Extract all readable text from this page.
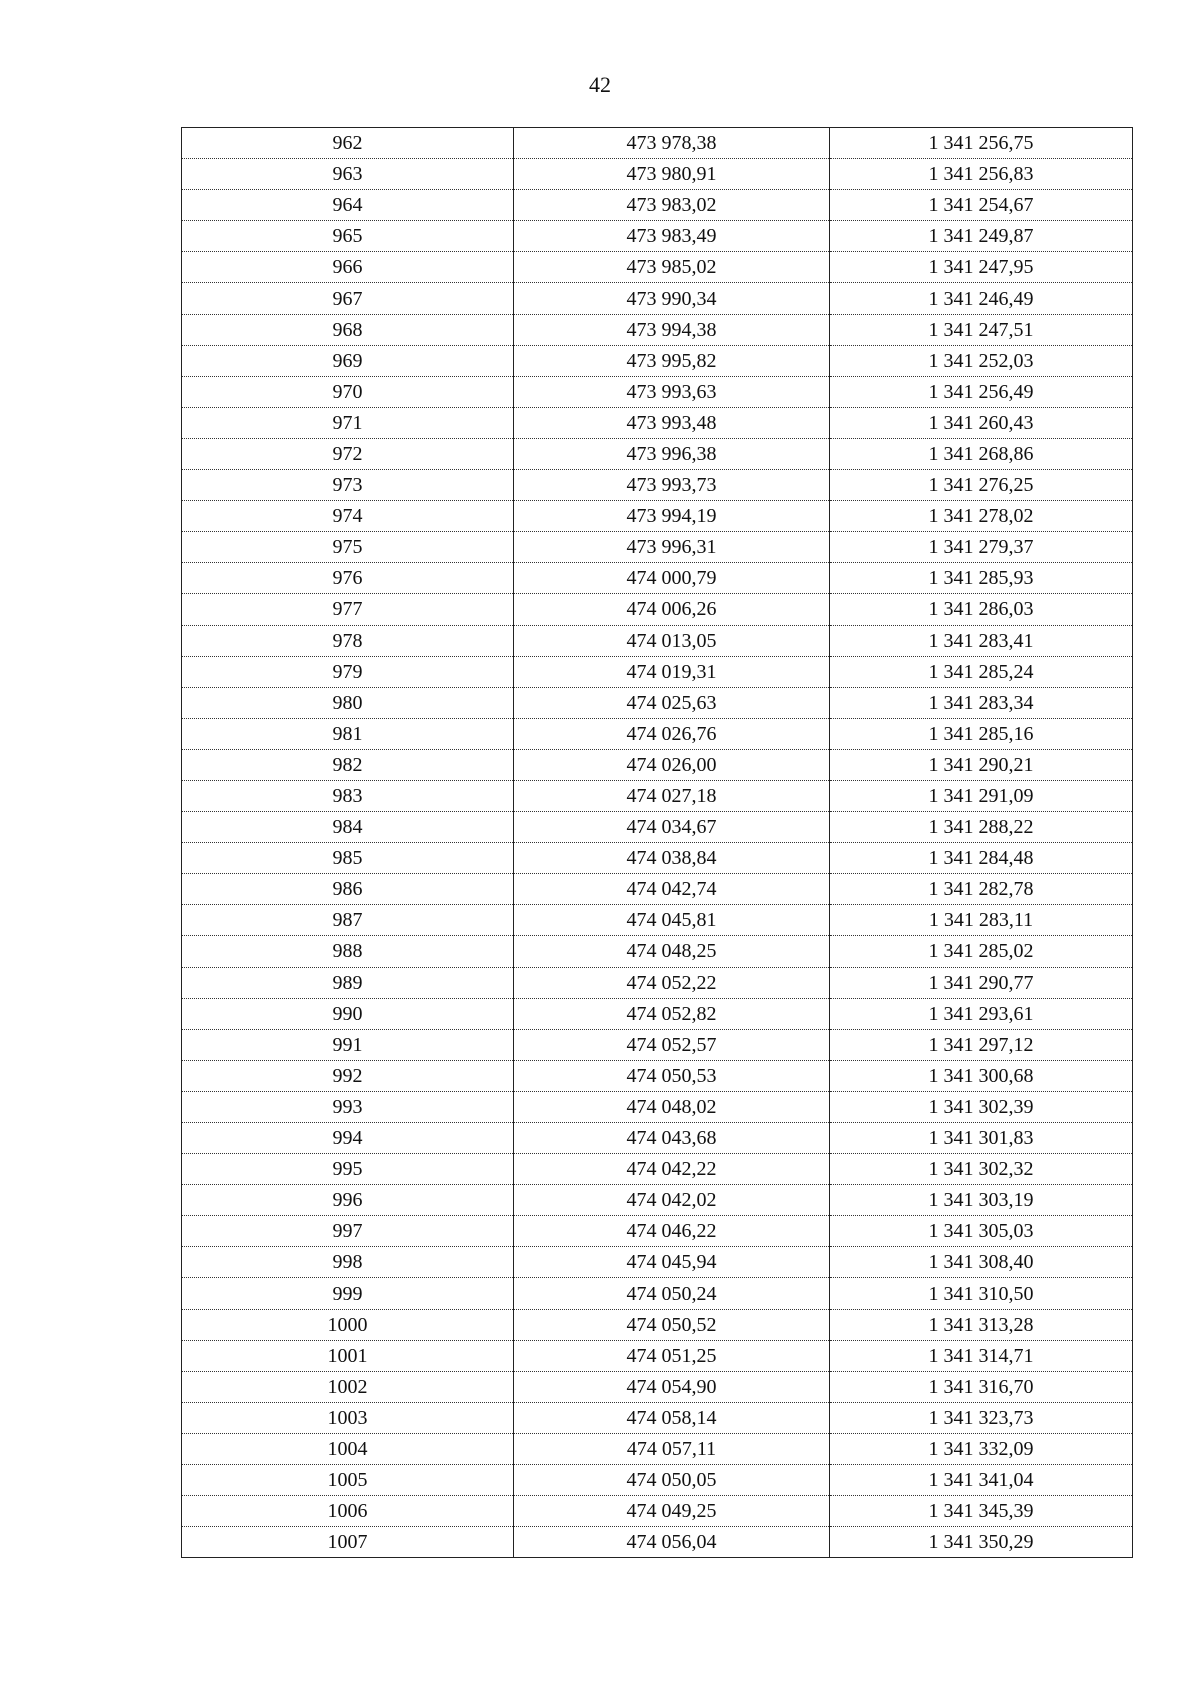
42
962	473 978,38	1 341 256,75
963	473 980,91	1 341 256,83
964	473 983,02	1 341 254,67
965	473 983,49	1 341 249,87
966	473 985,02	1 341 247,95
967	473 990,34	1 341 246,49
968	473 994,38	1 341 247,51
969	473 995,82	1 341 252,03
970	473 993,63	1 341 256,49
971	473 993,48	1 341 260,43
972	473 996,38	1 341 268,86
973	473 993,73	1 341 276,25
974	473 994,19	1 341 278,02
975	473 996,31	1 341 279,37
976	474 000,79	1 341 285,93
977	474 006,26	1 341 286,03
978	474 013,05	1 341 283,41
979	474 019,31	1 341 285,24
980	474 025,63	1 341 283,34
981	474 026,76	1 341 285,16
982	474 026,00	1 341 290,21
983	474 027,18	1 341 291,09
984	474 034,67	1 341 288,22
985	474 038,84	1 341 284,48
986	474 042,74	1 341 282,78
987	474 045,81	1 341 283,11
988	474 048,25	1 341 285,02
989	474 052,22	1 341 290,77
990	474 052,82	1 341 293,61
991	474 052,57	1 341 297,12
992	474 050,53	1 341 300,68
993	474 048,02	1 341 302,39
994	474 043,68	1 341 301,83
995	474 042,22	1 341 302,32
996	474 042,02	1 341 303,19
997	474 046,22	1 341 305,03
998	474 045,94	1 341 308,40
999	474 050,24	1 341 310,50
1000	474 050,52	1 341 313,28
1001	474 051,25	1 341 314,71
1002	474 054,90	1 341 316,70
1003	474 058,14	1 341 323,73
1004	474 057,11	1 341 332,09
1005	474 050,05	1 341 341,04
1006	474 049,25	1 341 345,39
1007	474 056,04	1 341 350,29
